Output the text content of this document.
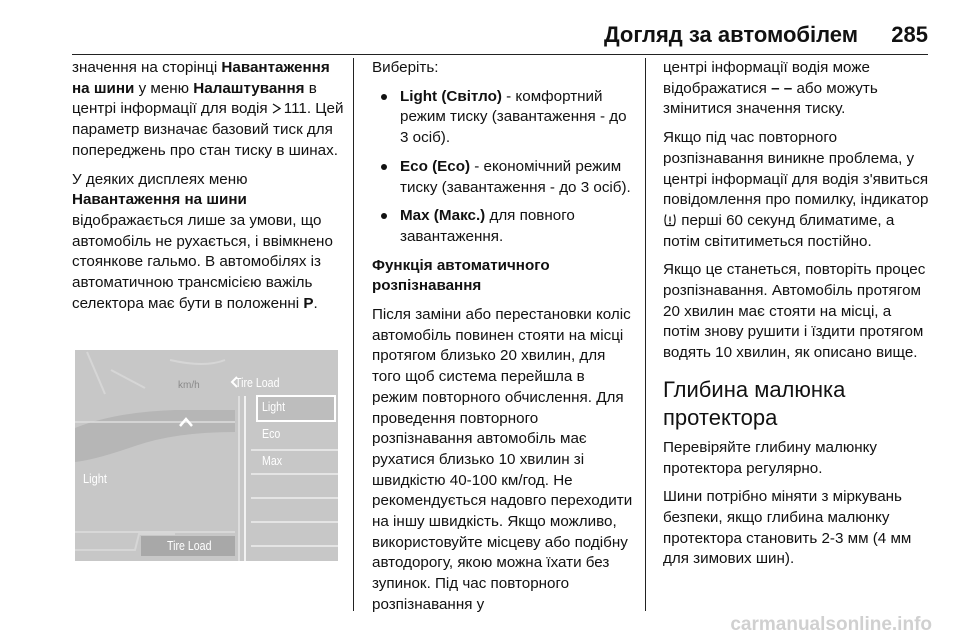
Догляд за автомобілем	285

значення на сторінці Навантаження на шини у меню Налаштування в центрі інформації для водія 111. Цей параметр визначає базовий тиск для попереджень про стан тиску в шинах.

У деяких дисплеях меню Навантаження на шини відображається лише за умови, що автомобіль не рухається, і ввімкнено стоянкове гальмо. В автомобілях із автоматичною трансмісією важіль селектора має бути в положенні P.

km/h	Tire Load
Light
Light
Eco
Max
Tire Load

Виберіть:

Light (Світло) - комфортний режим тиску (завантаження - до 3 осіб).
Eco (Eco) - економічний режим тиску (завантаження - до 3 осіб).
Max (Макс.) для повного завантаження.

Функція автоматичного розпізнавання

Після заміни або перестановки коліс автомобіль повинен стояти на місці протягом близько 20 хвилин, для того щоб система перейшла в режим повторного обчислення. Для проведення повторного розпізнавання автомобіль має рухатися близько 10 хвилин зі швидкістю 40-100 км/год. Не рекомендується надовго переходити на іншу швидкість. Якщо можливо, використовуйте місцеву або подібну автодорогу, якою можна їхати без зупинок. Під час повторного розпізнавання у

центрі інформації водія може відображатися – – або можуть змінитися значення тиску.

Якщо під час повторного розпізнавання виникне проблема, у центрі інформації для водія з'явиться повідомлення про помилку, індикатор  перші 60 секунд блиматиме, а потім світитиметься постійно.

Якщо це станеться, повторіть процес розпізнавання. Автомобіль протягом 20 хвилин має стояти на місці, а потім знову рушити і їздити протягом водять 10 хвилин, як описано вище.

Глибина малюнка протектора

Перевіряйте глибину малюнку протектора регулярно.

Шини потрібно міняти з міркувань безпеки, якщо глибина малюнку протектора становить 2-3 мм (4 мм для зимових шин).

carmanualsonline.info
